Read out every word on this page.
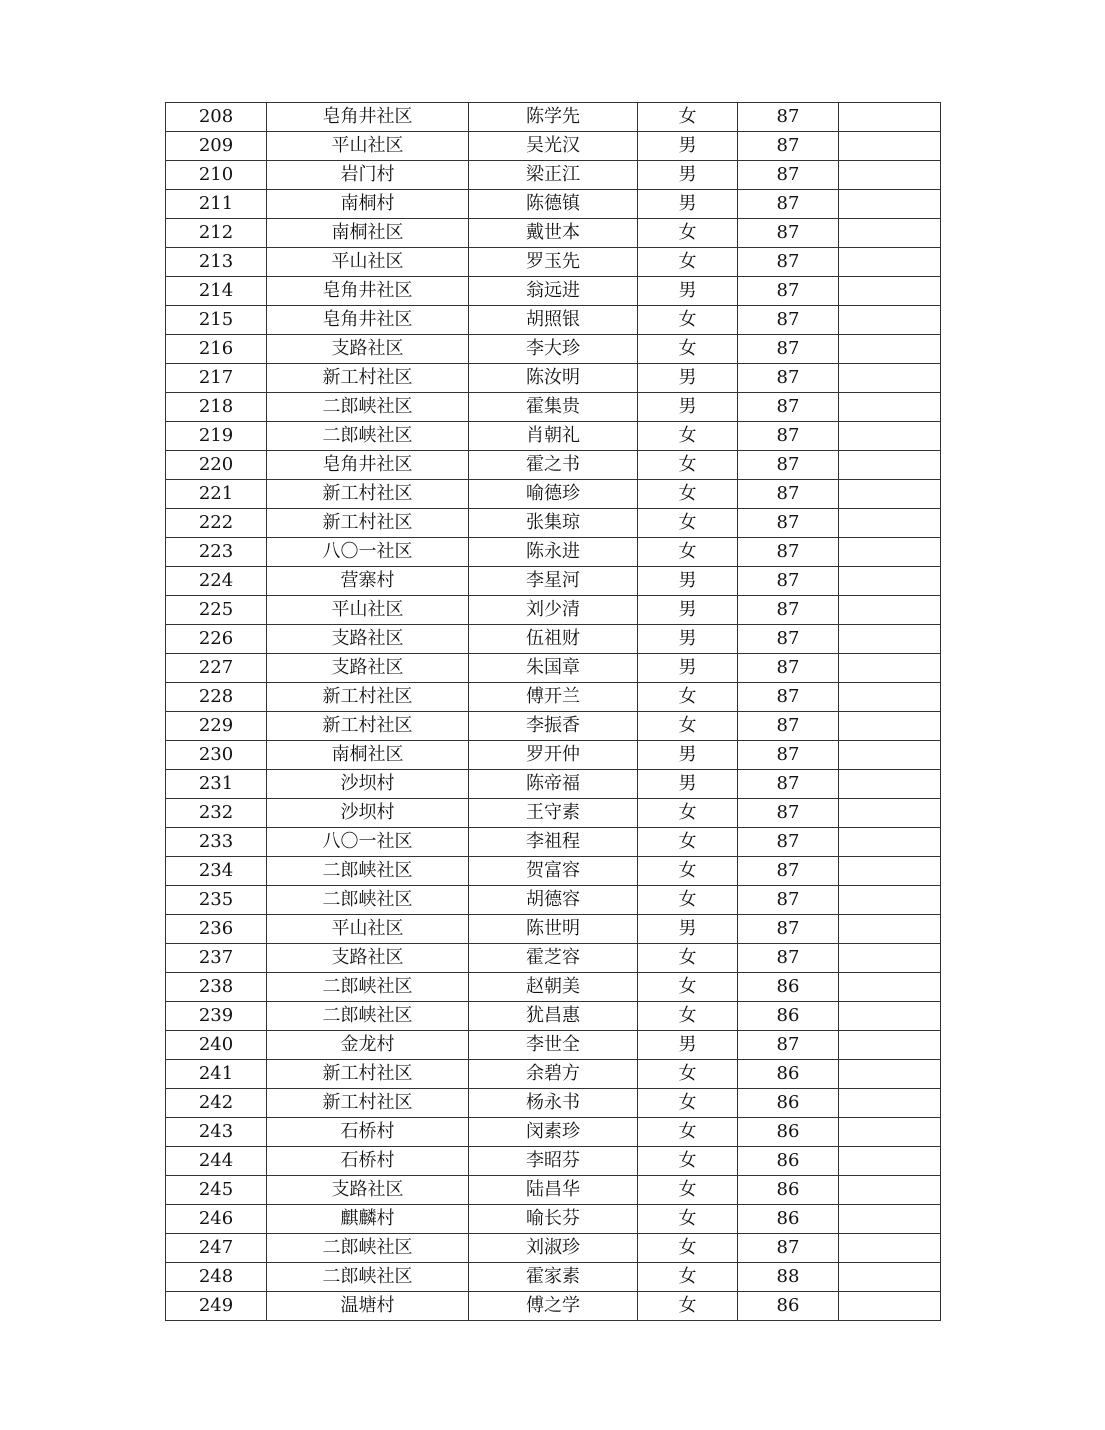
208	皂角井社区	陈学先	女	87	
209	平山社区	吴光汉	男	87	
210	岩门村	梁正江	男	87	
211	南桐村	陈德镇	男	87	
212	南桐社区	戴世本	女	87	
213	平山社区	罗玉先	女	87	
214	皂角井社区	翁远进	男	87	
215	皂角井社区	胡照银	女	87	
216	支路社区	李大珍	女	87	
217	新工村社区	陈汝明	男	87	
218	二郎峡社区	霍集贵	男	87	
219	二郎峡社区	肖朝礼	女	87	
220	皂角井社区	霍之书	女	87	
221	新工村社区	喻德珍	女	87	
222	新工村社区	张集琼	女	87	
223	八〇一社区	陈永进	女	87	
224	营寨村	李星河	男	87	
225	平山社区	刘少清	男	87	
226	支路社区	伍祖财	男	87	
227	支路社区	朱国章	男	87	
228	新工村社区	傅开兰	女	87	
229	新工村社区	李振香	女	87	
230	南桐社区	罗开仲	男	87	
231	沙坝村	陈帝福	男	87	
232	沙坝村	王守素	女	87	
233	八〇一社区	李祖程	女	87	
234	二郎峡社区	贺富容	女	87	
235	二郎峡社区	胡德容	女	87	
236	平山社区	陈世明	男	87	
237	支路社区	霍芝容	女	87	
238	二郎峡社区	赵朝美	女	86	
239	二郎峡社区	犹昌惠	女	86	
240	金龙村	李世全	男	87	
241	新工村社区	余碧方	女	86	
242	新工村社区	杨永书	女	86	
243	石桥村	闵素珍	女	86	
244	石桥村	李昭芬	女	86	
245	支路社区	陆昌华	女	86	
246	麒麟村	喻长芬	女	86	
247	二郎峡社区	刘淑珍	女	87	
248	二郎峡社区	霍家素	女	88	
249	温塘村	傅之学	女	86	
